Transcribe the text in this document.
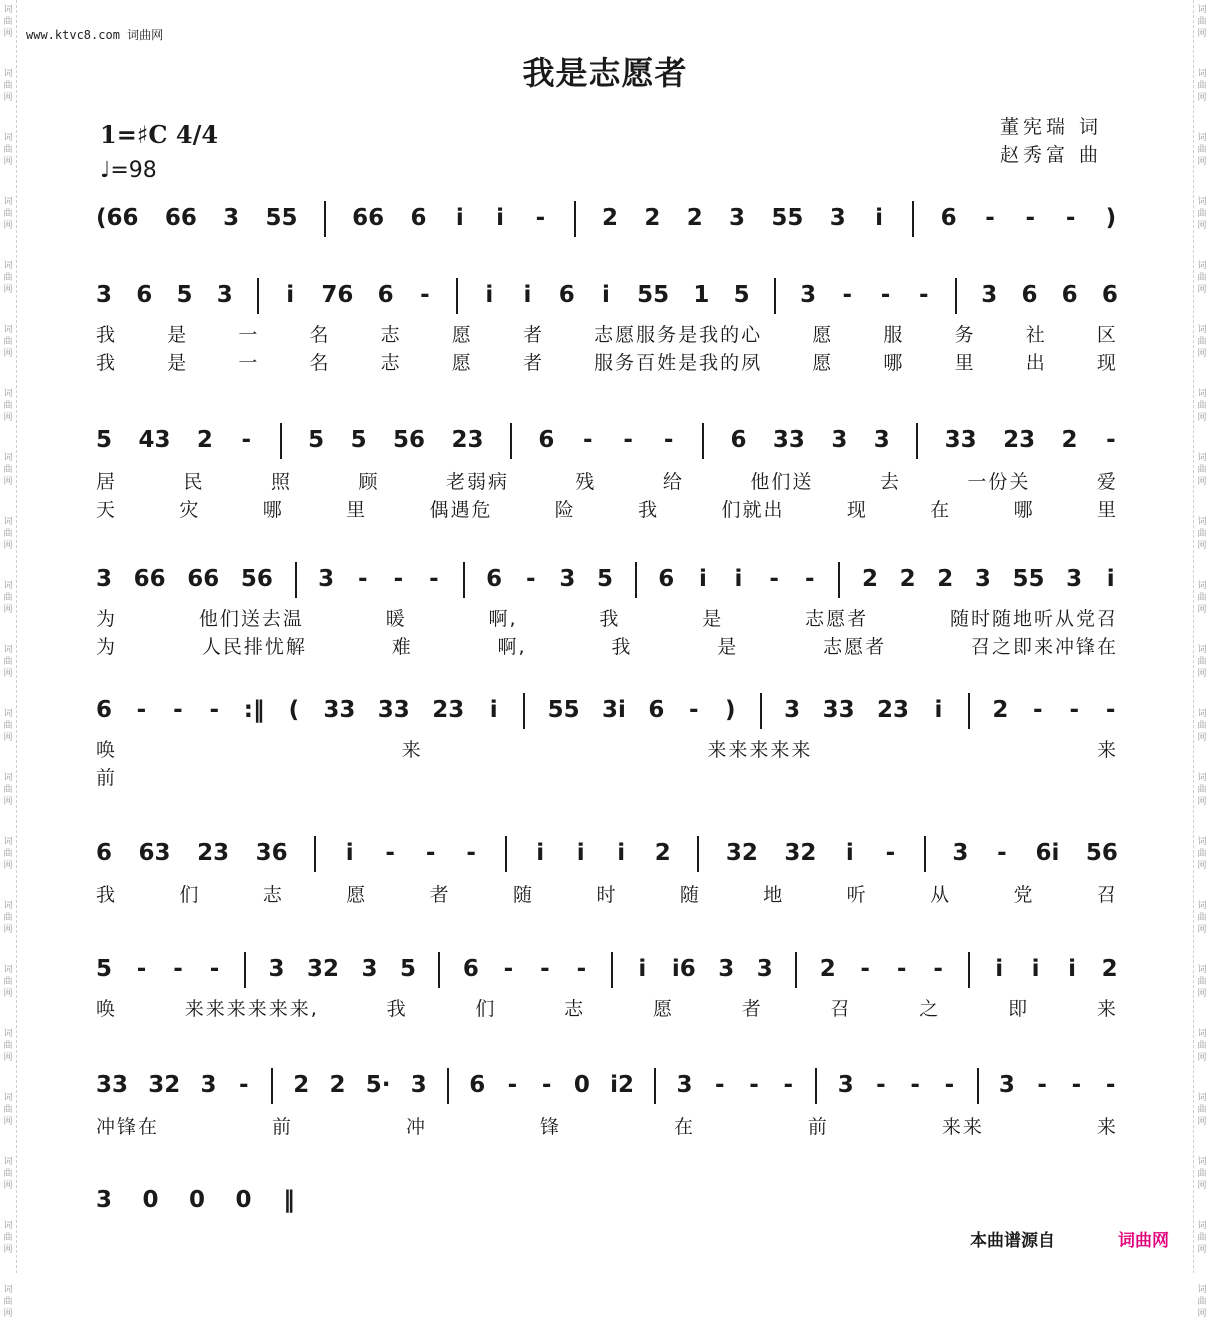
词
曲
网
词
曲
网
词
曲
网
词
曲
网
词
曲
网
词
曲
网
词
曲
网
词
曲
网
词
曲
网
词
曲
网
词
曲
网
词
曲
网
词
曲
网
词
曲
网
词
曲
网
词
曲
网
词
曲
网
词
曲
网
词
曲
网
词
曲
网
词
曲
网
词
曲
网
词
曲
网
词
曲
网
词
曲
网
词
曲
网
词
曲
网
词
曲
网
词
曲
网
词
曲
网
词
曲
网
词
曲
网
词
曲
网
词
曲
网
词
曲
网
词
曲
网
词
曲
网
词
曲
网
词
曲
网
词
曲
网
词
曲
网
词
曲
网
www.ktvc8.com 词曲网
我是志愿者
1=♯C 4/4
♩=98
董宪瑞 词
赵秀富 曲
(66 66 3 55 66 6 i i - 2 2 2 3 55 3 i	6 - - - )
3 6 5 3 i 76 6 - i i 6 i 55 1 5 3 - - - 3 6 6 6
我	是	一	名	志	愿	者	志愿服务是我的心	愿	服	务	社	区
我	是	一	名	志	愿	者	服务百姓是我的夙	愿	哪	里	出	现
5 43 2 - 5 5 56 23 6 - - - 6 33 3 3 33 23 2 -
居	民	照	顾	老弱病	残	给	他们送	去	一份关	爱
天	灾	哪	里	偶遇危	险	我	们就出	现	在	哪	里
3 66 66 56 3 - - - 6 - 3 5 6 i i - - 2 2 2 3 55 3 i
为	他们送去温	暖	啊,	我	是	志愿者	随时随地听从党召
为	人民排忧解	难	啊,	我	是	志愿者	召之即来冲锋在
6 - - - :‖ ( 33 33 23 i 55 3i 6 - ) 3 33 23 i 2 - - -
唤	来	来来来来来	来
前
6 63 23 36	i - - -	i i i 2 32 32 i - 3 - 6i 56
我	们	志	愿	者	随	时	随	地	听	从	党	召
5 - - - 3 32 3 5 6 - - - i i6 3 3 2 - - - i i i 2
唤	来来来来来来,	我	们	志	愿	者	召	之	即	来
33 32 3 - 2 2 5· 3 6 - - 0 i2 3 - - - 3 - - - 3 - - -
冲锋在	前	冲	锋	在	前	来来	来
3 0 0 0 ‖
本曲谱源自	词曲网
